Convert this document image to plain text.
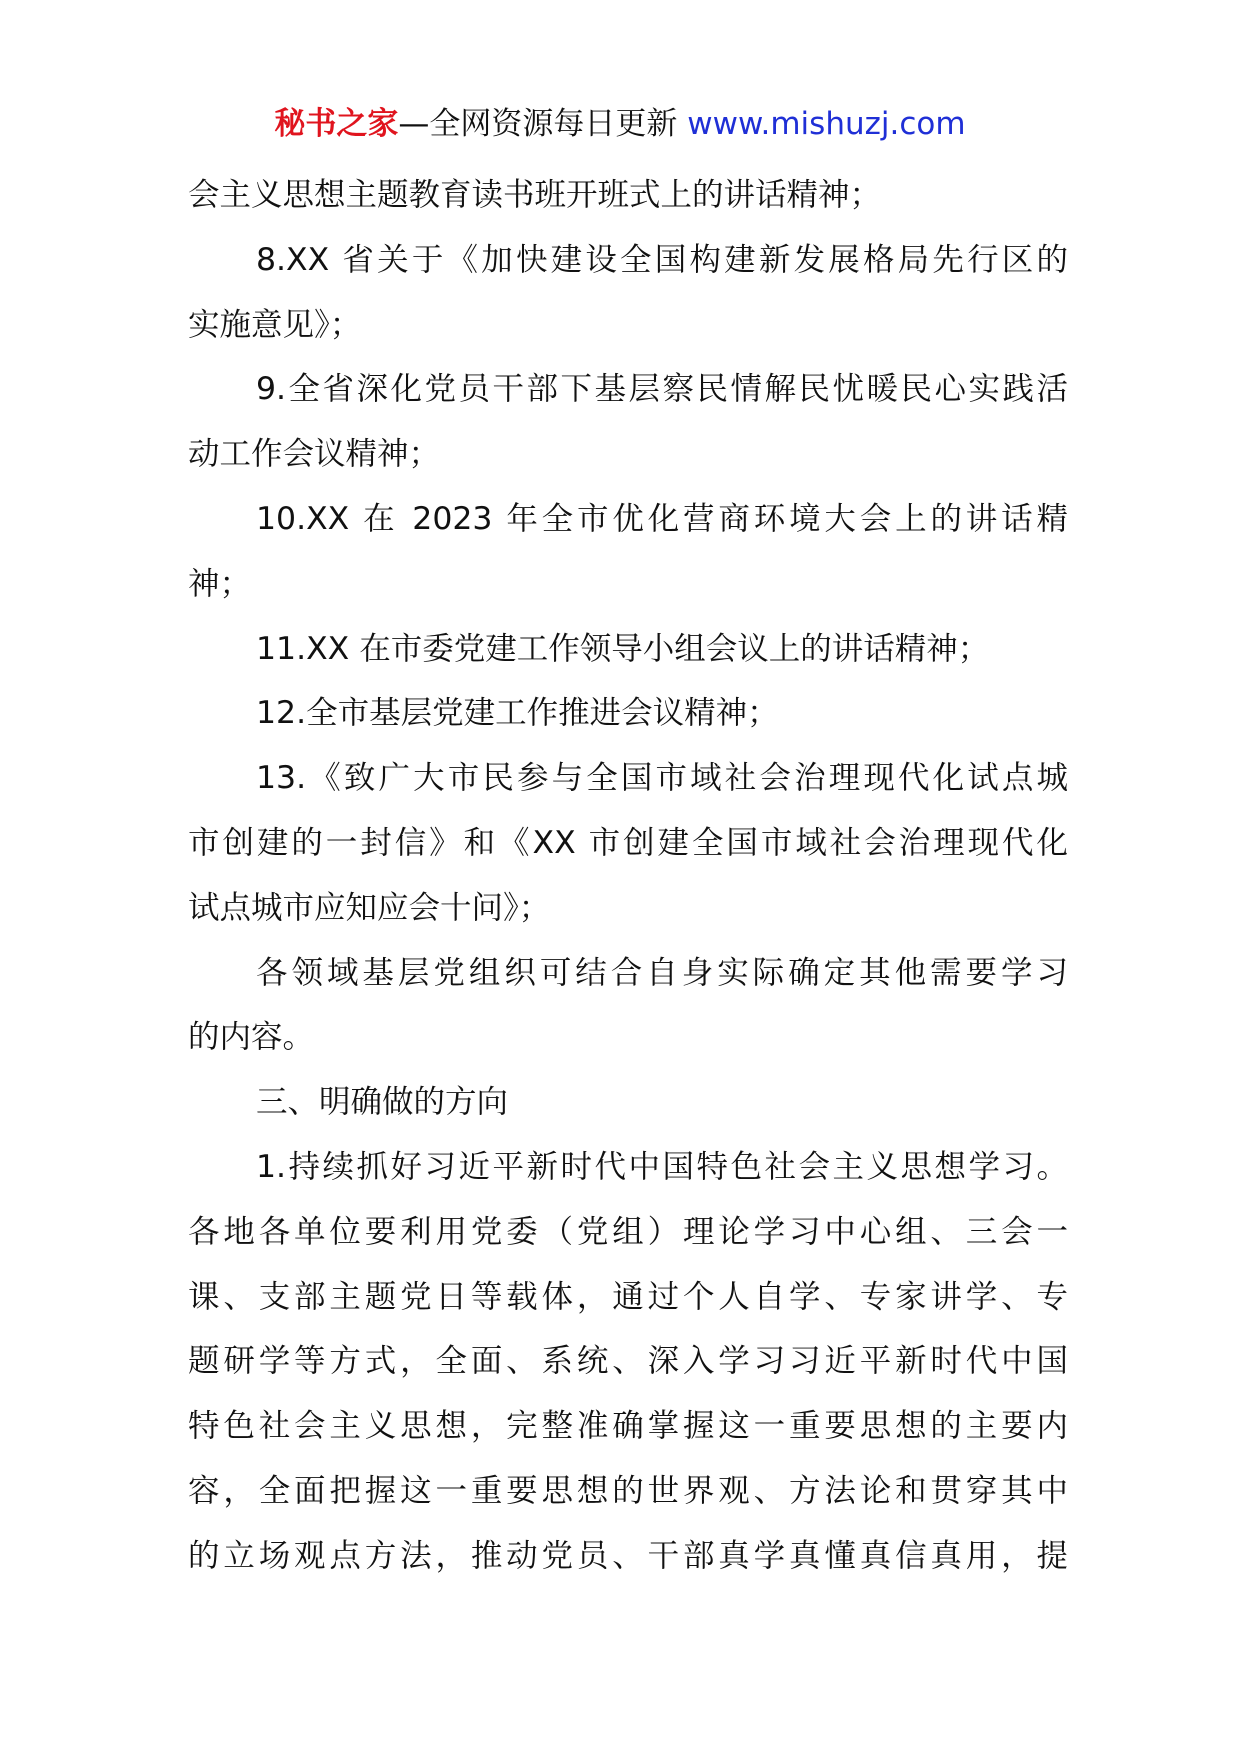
秘书之家—全网资源每日更新 www.mishuzj.com
会主义思想主题教育读书班开班式上的讲话精神；
8.XX 省关于《加快建设全国构建新发展格局先行区的
实施意见》；
9.全省深化党员干部下基层察民情解民忧暖民心实践活
动工作会议精神；
10.XX 在 2023 年全市优化营商环境大会上的讲话精
神；
11.XX 在市委党建工作领导小组会议上的讲话精神；
12.全市基层党建工作推进会议精神；
13.《致广大市民参与全国市域社会治理现代化试点城
市创建的一封信》和《XX 市创建全国市域社会治理现代化
试点城市应知应会十问》；
各领域基层党组织可结合自身实际确定其他需要学习
的内容。
三、明确做的方向
1.持续抓好习近平新时代中国特色社会主义思想学习。
各地各单位要利用党委（党组）理论学习中心组、三会一
课、支部主题党日等载体，通过个人自学、专家讲学、专
题研学等方式，全面、系统、深入学习习近平新时代中国
特色社会主义思想，完整准确掌握这一重要思想的主要内
容，全面把握这一重要思想的世界观、方法论和贯穿其中
的立场观点方法，推动党员、干部真学真懂真信真用，提
